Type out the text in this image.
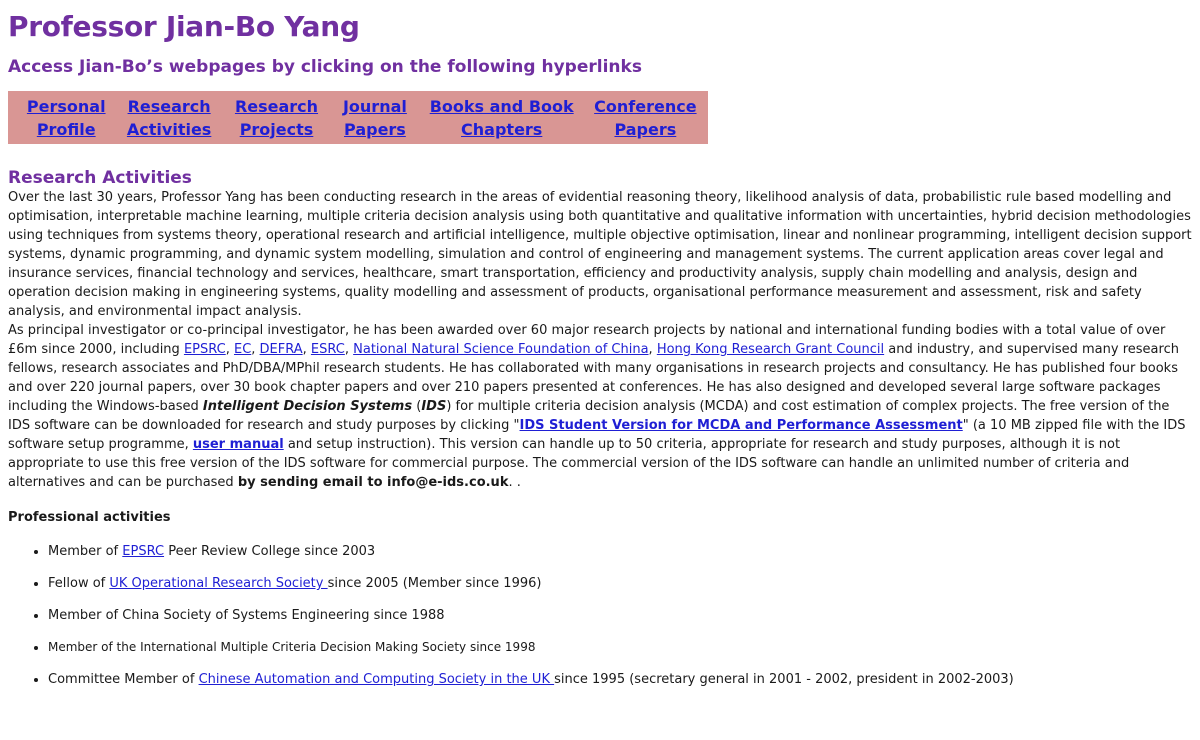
Professor Jian-Bo Yang
Access Jian-Bo’s webpages by clicking on the following hyperlinks
Personal
Profile
Research
Activities
Research
Projects
Journal
Papers
Books and Book
Chapters
Conference
Papers
Research Activities

Over the last 30 years, Professor Yang has been conducting research in the areas of evidential reasoning theory, likelihood analysis of data, probabilistic rule based modelling and optimisation, interpretable machine learning, multiple criteria decision analysis using both quantitative and qualitative information with uncertainties, hybrid decision methodologies using techniques from systems theory, operational research and artificial intelligence, multiple objective optimisation, linear and nonlinear programming, intelligent decision support systems, dynamic programming, and dynamic system modelling, simulation and control of engineering and management systems. The current application areas cover legal and insurance services, financial technology and services, healthcare, smart transportation, efficiency and productivity analysis, supply chain modelling and analysis, design and operation decision making in engineering systems, quality modelling and assessment of products, organisational performance measurement and assessment, risk and safety analysis, and environmental impact analysis.

As principal investigator or co-principal investigator, he has been awarded over 60 major research projects by national and international funding bodies with a total value of over £6m since 2000, including EPSRC, EC, DEFRA, ESRC, National Natural Science Foundation of China, Hong Kong Research Grant Council and industry, and supervised many research fellows, research associates and PhD/DBA/MPhil research students. He has collaborated with many organisations in research projects and consultancy. He has published four books and over 220 journal papers, over 30 book chapter papers and over 210 papers presented at conferences. He has also designed and developed several large software packages including the Windows-based Intelligent Decision Systems (IDS) for multiple criteria decision analysis (MCDA) and cost estimation of complex projects. The free version of the IDS software can be downloaded for research and study purposes by clicking "IDS Student Version for MCDA and Performance Assessment" (a 10 MB zipped file with the IDS software setup programme, user manual and setup instruction). This version can handle up to 50 criteria, appropriate for research and study purposes, although it is not appropriate to use this free version of the IDS software for commercial purpose. The commercial version of the IDS software can handle an unlimited number of criteria and alternatives and can be purchased by sending email to info@e-ids.co.uk. .

Professional activities
• Member of EPSRC Peer Review College since 2003
• Fellow of UK Operational Research Society since 2005 (Member since 1996)
• Member of China Society of Systems Engineering since 1988
• Member of the International Multiple Criteria Decision Making Society since 1998
• Committee Member of Chinese Automation and Computing Society in the UK since 1995 (secretary general in 2001 - 2002, president in 2002-2003)
